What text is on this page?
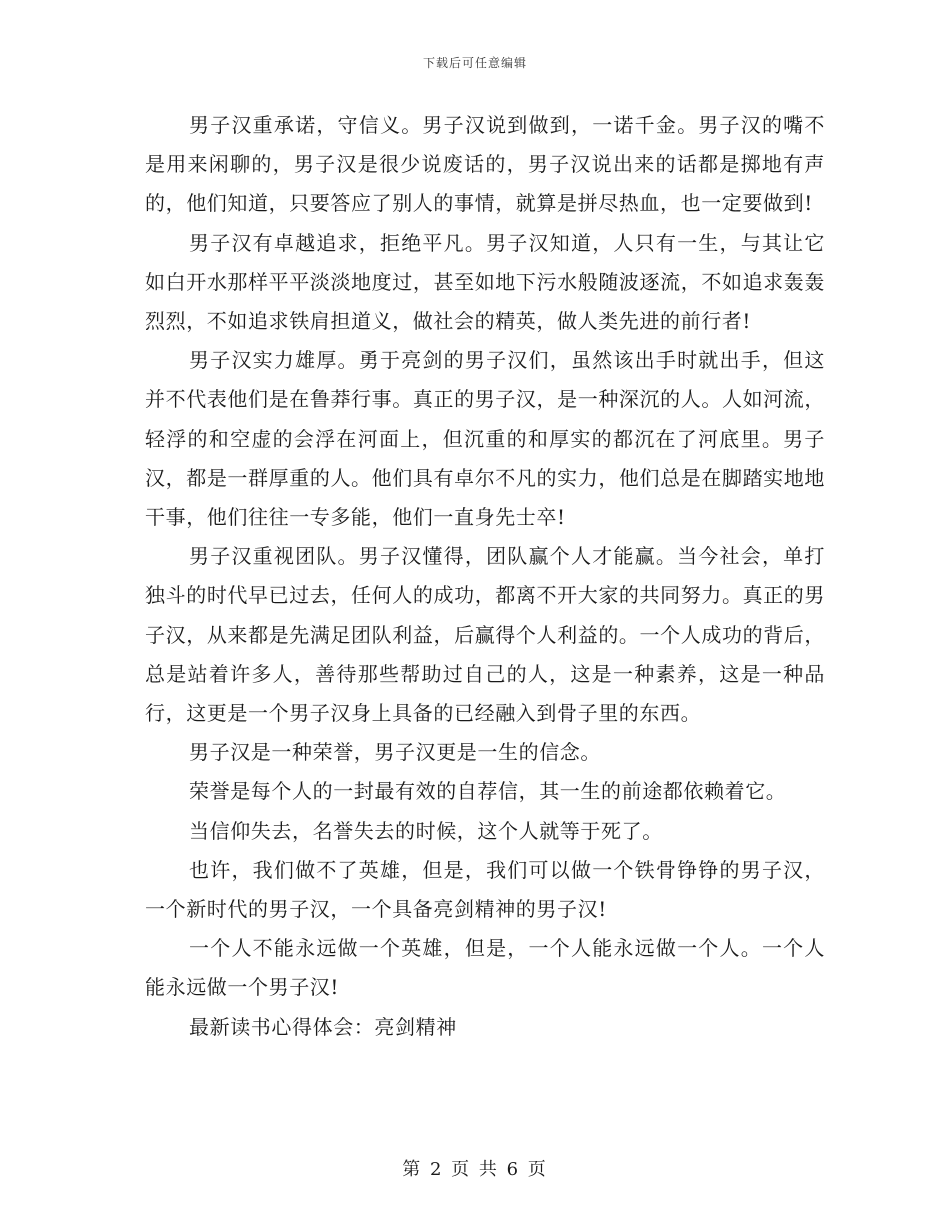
下载后可任意编辑

男子汉重承诺，守信义。男子汉说到做到，一诺千金。男子汉的嘴不是用来闲聊的，男子汉是很少说废话的，男子汉说出来的话都是掷地有声的，他们知道，只要答应了别人的事情，就算是拼尽热血，也一定要做到!

男子汉有卓越追求，拒绝平凡。男子汉知道，人只有一生，与其让它如白开水那样平平淡淡地度过，甚至如地下污水般随波逐流，不如追求轰轰烈烈，不如追求铁肩担道义，做社会的精英，做人类先进的前行者!

男子汉实力雄厚。勇于亮剑的男子汉们，虽然该出手时就出手，但这并不代表他们是在鲁莽行事。真正的男子汉，是一种深沉的人。人如河流，轻浮的和空虚的会浮在河面上，但沉重的和厚实的都沉在了河底里。男子汉，都是一群厚重的人。他们具有卓尔不凡的实力，他们总是在脚踏实地地干事，他们往往一专多能，他们一直身先士卒!

男子汉重视团队。男子汉懂得，团队赢个人才能赢。当今社会，单打独斗的时代早已过去，任何人的成功，都离不开大家的共同努力。真正的男子汉，从来都是先满足团队利益，后赢得个人利益的。一个人成功的背后，总是站着许多人，善待那些帮助过自己的人，这是一种素养，这是一种品行，这更是一个男子汉身上具备的已经融入到骨子里的东西。

男子汉是一种荣誉，男子汉更是一生的信念。

荣誉是每个人的一封最有效的自荐信，其一生的前途都依赖着它。

当信仰失去，名誉失去的时候，这个人就等于死了。

也许，我们做不了英雄，但是，我们可以做一个铁骨铮铮的男子汉，一个新时代的男子汉，一个具备亮剑精神的男子汉!

一个人不能永远做一个英雄，但是，一个人能永远做一个人。一个人能永远做一个男子汉!

最新读书心得体会：亮剑精神

第 2 页 共 6 页
